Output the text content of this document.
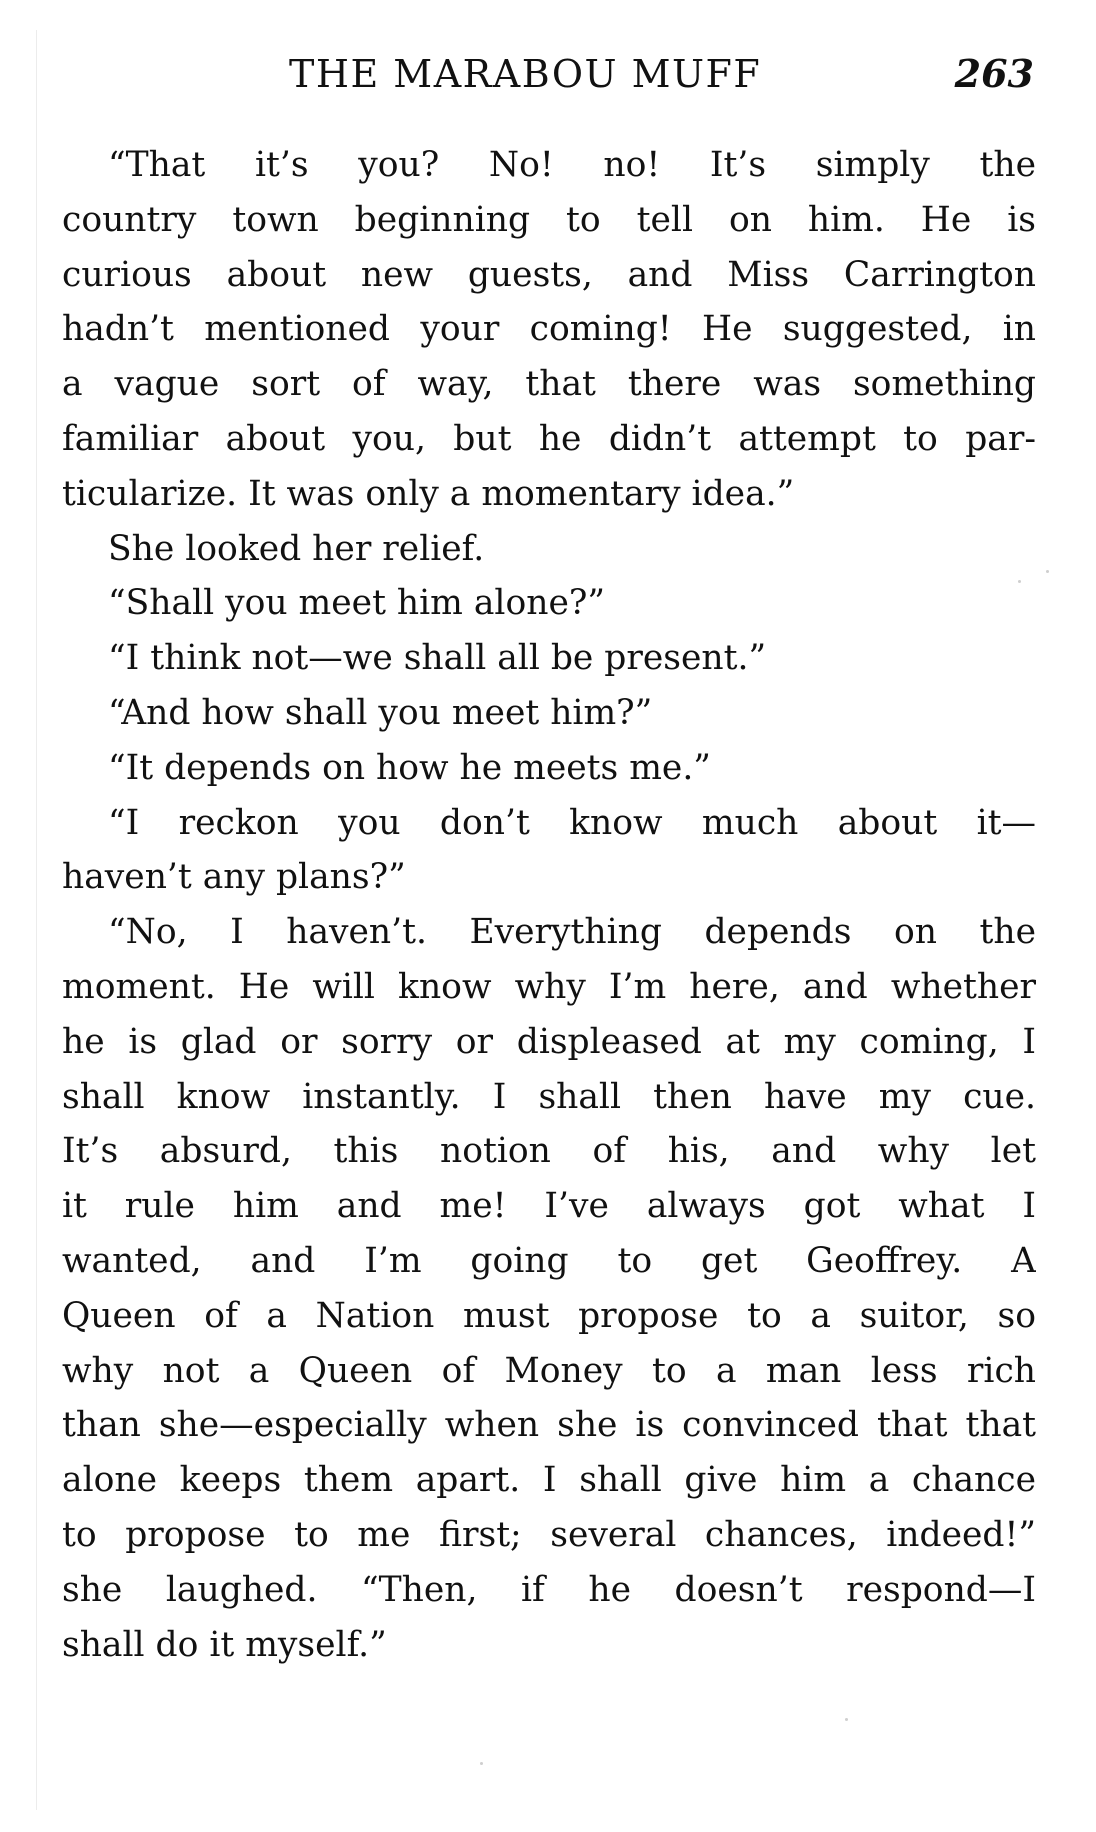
THE MARABOU MUFF	263
“That it’s you? No! no! It’s simply the
country town beginning to tell on him. He is
curious about new guests, and Miss Carrington
hadn’t mentioned your coming! He suggested, in
a vague sort of way, that there was something
familiar about you, but he didn’t attempt to par-
ticularize. It was only a momentary idea.”
She looked her relief.
“Shall you meet him alone?”
“I think not—we shall all be present.”
“And how shall you meet him?”
“It depends on how he meets me.”
“I reckon you don’t know much about it—
haven’t any plans?”
“No, I haven’t. Everything depends on the
moment. He will know why I’m here, and whether
he is glad or sorry or displeased at my coming, I
shall know instantly. I shall then have my cue.
It’s absurd, this notion of his, and why let
it rule him and me! I’ve always got what I
wanted, and I’m going to get Geoffrey. A
Queen of a Nation must propose to a suitor, so
why not a Queen of Money to a man less rich
than she—especially when she is convinced that that
alone keeps them apart. I shall give him a chance
to propose to me first; several chances, indeed!”
she laughed. “Then, if he doesn’t respond—I
shall do it myself.”
